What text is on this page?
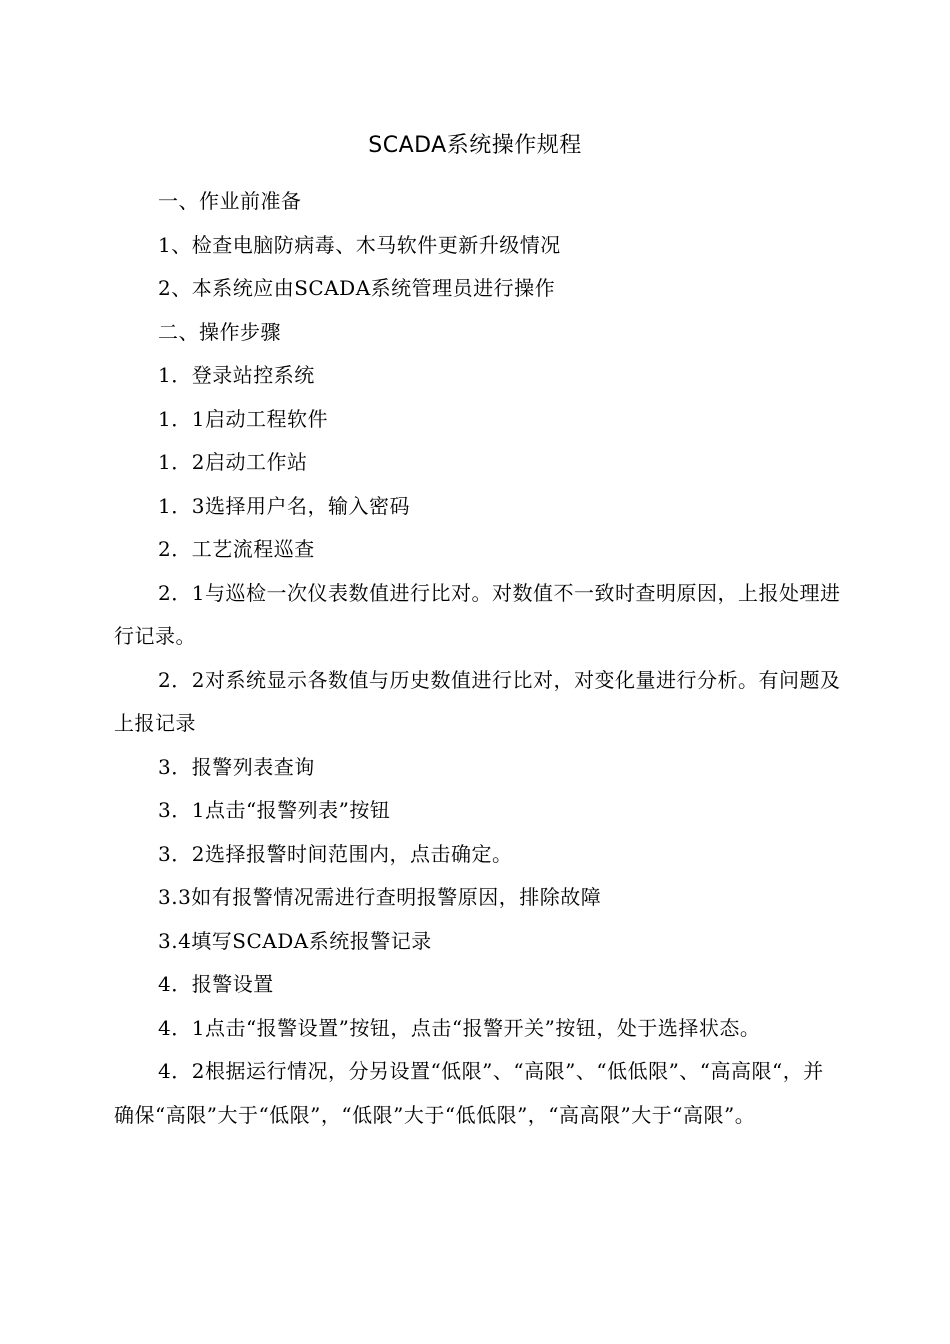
SCADA系统操作规程

一、作业前准备

1、检查电脑防病毒、木马软件更新升级情况

2、本系统应由SCADA系统管理员进行操作

二、操作步骤

1．登录站控系统

1．1启动工程软件

1．2启动工作站

1．3选择用户名，输入密码

2．工艺流程巡查

2．1与巡检一次仪表数值进行比对。对数值不一致时查明原因，上报处理进行记录。

2．2对系统显示各数值与历史数值进行比对，对变化量进行分析。有问题及上报记录

3．报警列表查询

3．1点击“报警列表”按钮

3．2选择报警时间范围内，点击确定。

3.3如有报警情况需进行查明报警原因，排除故障

3.4填写SCADA系统报警记录

4．报警设置

4．1点击“报警设置”按钮，点击“报警开关”按钮，处于选择状态。

4．2根据运行情况，分另设置“低限”、“高限”、“低低限”、“高高限“，并确保“高限”大于“低限”，“低限”大于“低低限”，“高高限”大于“高限”。
